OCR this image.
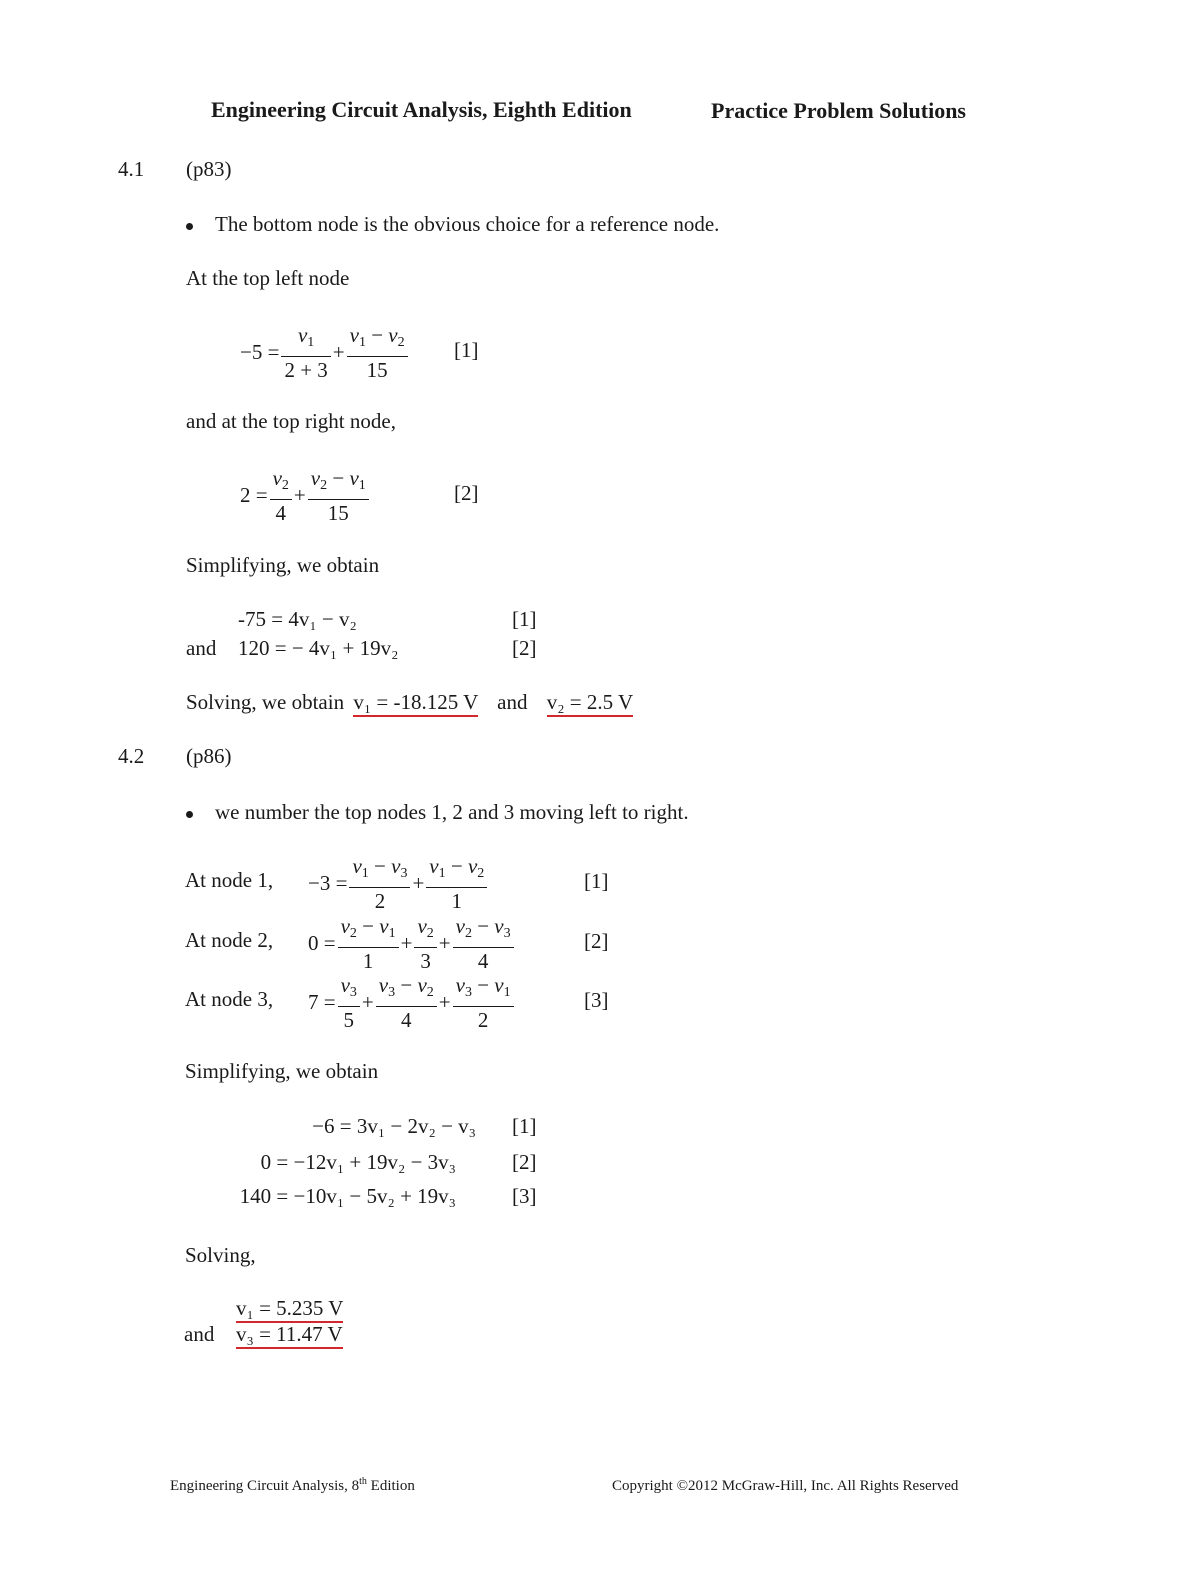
Engineering Circuit Analysis, Eighth Edition	Practice Problem Solutions
4.1 (p83)
The bottom node is the obvious choice for a reference node.
At the top left node
$-5 = \frac{v_1}{2 + 3} + \frac{v_1 - v_2}{15} [1]$
and at the top right node,
$2 = \frac{v_2}{4} + \frac{v_2 - v_1}{15}$	[2]
Simplifying, we obtain
-75 = 4v₁ − v₂	[1]
and 120 = − 4v₁ + 19v₂	[2]
Solving, we obtain v₁ = -18.125 V and v₂ = 2.5 V
4.2 (p86)
we number the top nodes 1, 2 and 3 moving left to right.
At node 1, $-3 = \frac{v_1 - v_3}{2} + \frac{v_1 - v_2}{1}$	[1]
At node 2, $0 = \frac{v_2 - v_1}{1} + \frac{v_2}{3} + \frac{v_2 - v_3}{4}$	[2]
At node 3, $7 = \frac{v_3}{5} + \frac{v_3 - v_2}{4} + \frac{v_3 - v_1}{2}$	[3]
Simplifying, we obtain
−6 = 3v₁ − 2v₂ − v₃ [1]
0 = −12v₁ + 19v₂ − 3v₃	[2]
140 = −10v₁ − 5v₂ + 19v₃	[3]
Solving,
v₁ = 5.235 V
and v₃ = 11.47 V
Engineering Circuit Analysis, 8th Edition	Copyright ©2012 McGraw-Hill, Inc. All Rights Reserved
